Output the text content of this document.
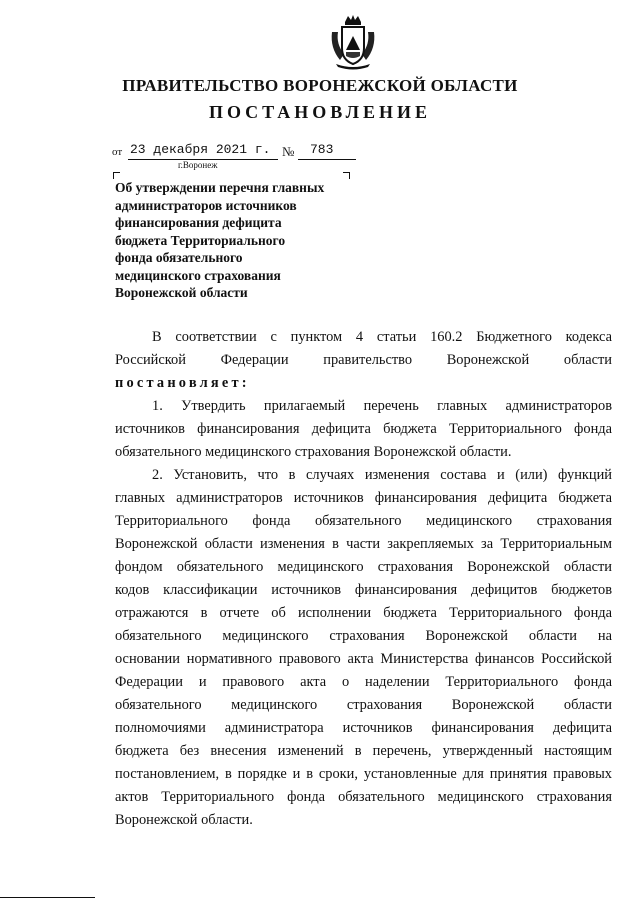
ПРАВИТЕЛЬСТВО ВОРОНЕЖСКОЙ ОБЛАСТИ
ПОСТАНОВЛЕНИЕ
от 23 декабря 2021 г. № 783
г.Воронеж
Об утверждении перечня главных
администраторов источников
финансирования дефицита
бюджета Территориального
фонда обязательного
медицинского страхования
Воронежской области
В соответствии с пунктом 4 статьи 160.2 Бюджетного кодекса
Российской Федерации правительство Воронежской области
постановляет:
1. Утвердить прилагаемый перечень главных администраторов
источников финансирования дефицита бюджета Территориального фонда
обязательного медицинского страхования Воронежской области.
2. Установить, что в случаях изменения состава и (или) функций
главных администраторов источников финансирования дефицита бюджета
Территориального фонда обязательного медицинского страхования
Воронежской области изменения в части закрепляемых за Территориальным
фондом обязательного медицинского страхования Воронежской области
кодов классификации источников финансирования дефицитов бюджетов
отражаются в отчете об исполнении бюджета Территориального фонда
обязательного медицинского страхования Воронежской области на
основании нормативного правового акта Министерства финансов Российской
Федерации и правового акта о наделении Территориального фонда
обязательного медицинского страхования Воронежской области
полномочиями администратора источников финансирования дефицита
бюджета без внесения изменений в перечень, утвержденный настоящим
постановлением, в порядке и в сроки, установленные для принятия правовых
актов Территориального фонда обязательного медицинского страхования
Воронежской области.
